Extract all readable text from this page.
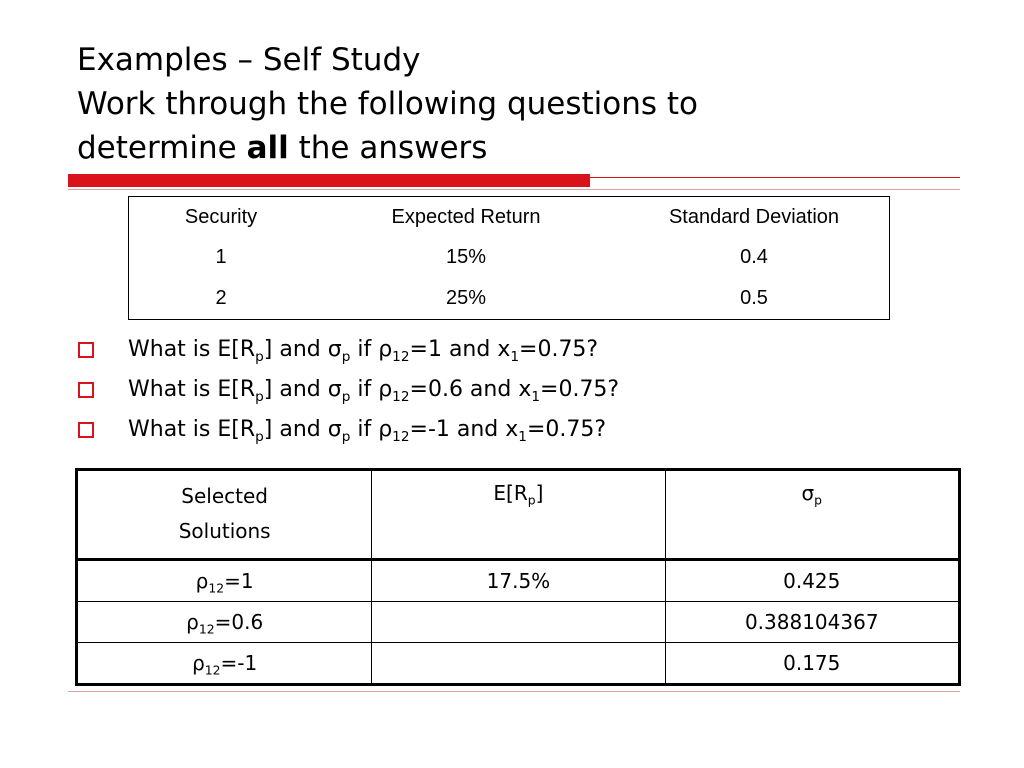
Examples – Self Study
Work through the following questions to
determine all the answers
Security	Expected Return	Standard Deviation
1	15%	0.4
2	25%	0.5
What is $E[R_p]$ and $\sigma_p$ if $\rho_{12}=1$ and $x_1=0.75$?
What is $E[R_p]$ and $\sigma_p$ if $\rho_{12}=0.6$ and $x_1=0.75$?
What is $E[R_p]$ and $\sigma_p$ if $\rho_{12}=-1$ and $x_1=0.75$?
Selected
Solutions	$E[R_p]$	$\sigma_p$
$\rho_{12}=1$	17.5%	0.425
$\rho_{12}=0.6$		0.388104367
$\rho_{12}=-1$		0.175
